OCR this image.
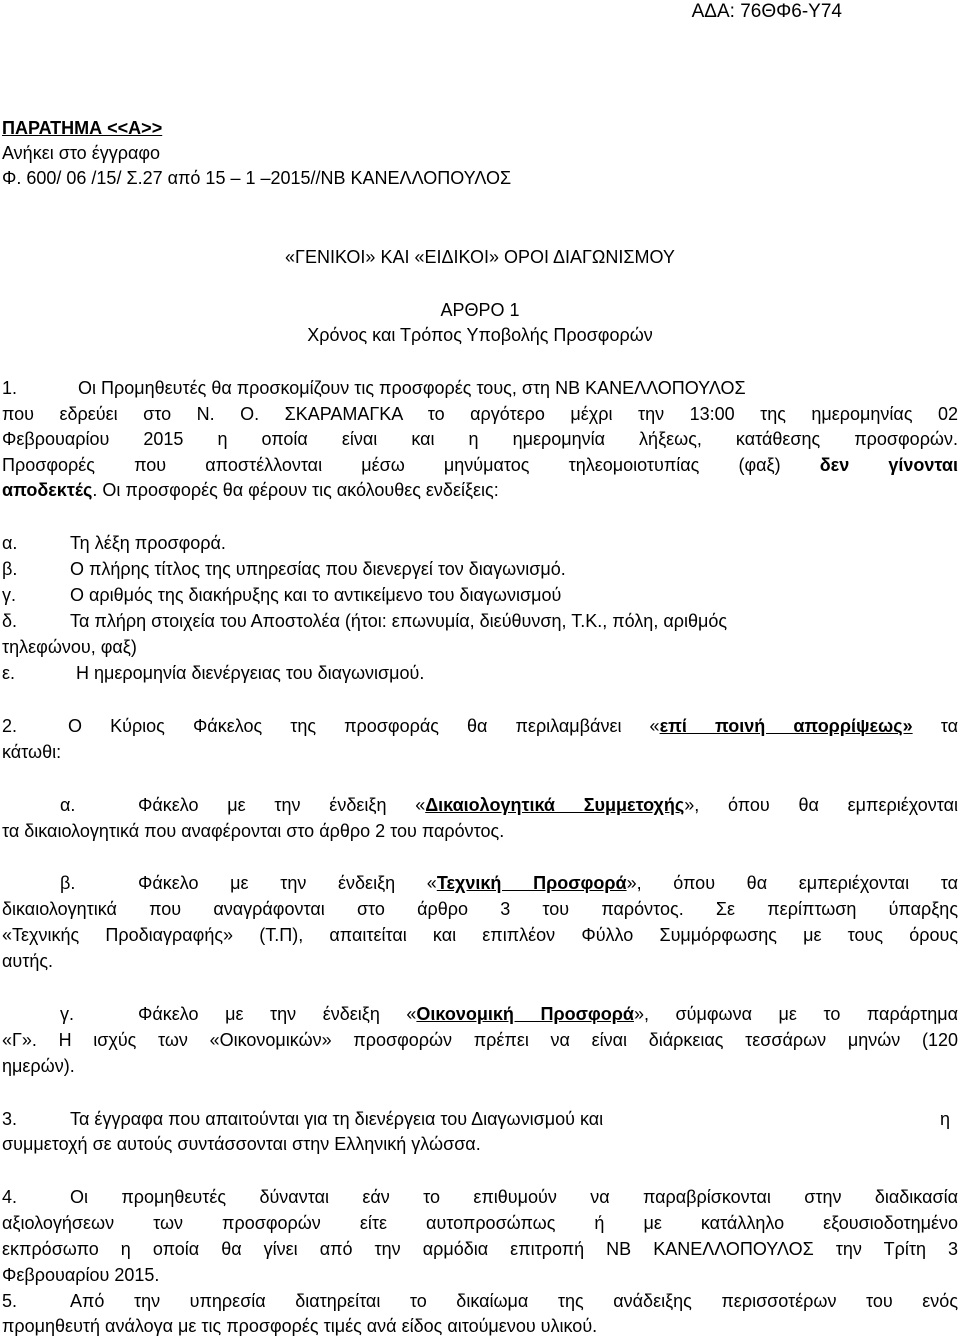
ΑΔΑ: 76ΘΦ6-Υ74
ΠΑΡΑΤΗΜΑ <<Α>>
Ανήκει στο έγγραφο
Φ. 600/ 06 /15/ Σ.27 από 15 – 1 –2015//ΝΒ ΚΑΝΕΛΛΟΠΟΥΛΟΣ
«ΓΕΝΙΚΟΙ» ΚΑΙ «ΕΙΔΙΚΟΙ» ΟΡΟΙ ΔΙΑΓΩΝΙΣΜΟΥ
ΑΡΘΡΟ 1
Χρόνος και Τρόπος Υποβολής Προσφορών
1.	Οι Προμηθευτές θα προσκομίζουν τις προσφορές τους, στη ΝΒ ΚΑΝΕΛΛΟΠΟΥΛΟΣ
που εδρεύει στο Ν. Ο. ΣΚΑΡΑΜΑΓΚΑ το αργότερο μέχρι την 13:00 της ημερομηνίας 02
Φεβρουαρίου 2015 η οποία είναι και η ημερομηνία λήξεως, κατάθεσης προσφορών.
Προσφορές που αποστέλλονται μέσω μηνύματος τηλεομοιοτυπίας (φαξ) δεν γίνονται
αποδεκτές. Οι προσφορές θα φέρουν τις ακόλουθες ενδείξεις:
α.	Τη λέξη προσφορά.
β.	Ο πλήρης τίτλος της υπηρεσίας που διενεργεί τον διαγωνισμό.
γ.	Ο αριθμός της διακήρυξης και το αντικείμενο του διαγωνισμού
δ.	Τα πλήρη στοιχεία του Αποστολέα (ήτοι: επωνυμία, διεύθυνση, Τ.Κ., πόλη, αριθμός
τηλεφώνου, φαξ)
ε.	Η ημερομηνία διενέργειας του διαγωνισμού.
2.	Ο Κύριος Φάκελος της προσφοράς θα περιλαμβάνει «επί ποινή απορρίψεως» τα
κάτωθι:
α.	Φάκελο με την ένδειξη «Δικαιολογητικά Συμμετοχής», όπου θα εμπεριέχονται
τα δικαιολογητικά που αναφέρονται στο άρθρο 2 του παρόντος.
β.	Φάκελο με την ένδειξη «Τεχνική Προσφορά», όπου θα εμπεριέχονται τα
δικαιολογητικά που αναγράφονται στο άρθρο 3 του παρόντος. Σε περίπτωση ύπαρξης
«Τεχνικής Προδιαγραφής» (Τ.Π), απαιτείται και επιπλέον Φύλλο Συμμόρφωσης με τους όρους
αυτής.
γ.	Φάκελο με την ένδειξη «Οικονομική Προσφορά», σύμφωνα με το παράρτημα
«Γ». Η ισχύς των «Οικονομικών» προσφορών πρέπει να είναι διάρκειας τεσσάρων μηνών (120
ημερών).
3.	Τα έγγραφα που απαιτούνται για τη διενέργεια του Διαγωνισμού και	η
συμμετοχή σε αυτούς συντάσσονται στην Ελληνική γλώσσα.
4.	Οι προμηθευτές δύνανται εάν το επιθυμούν να παραβρίσκονται στην διαδικασία
αξιολογήσεων των προσφορών είτε αυτοπροσώπως ή με κατάλληλο εξουσιοδοτημένο
εκπρόσωπο η οποία θα γίνει από την αρμόδια επιτροπή ΝΒ ΚΑΝΕΛΛΟΠΟΥΛΟΣ την Τρίτη 3
Φεβρουαρίου 2015.
5.	Από την υπηρεσία διατηρείται το δικαίωμα της ανάδειξης περισσοτέρων του ενός
προμηθευτή ανάλογα με τις προσφορές τιμές ανά είδος αιτούμενου υλικού.
